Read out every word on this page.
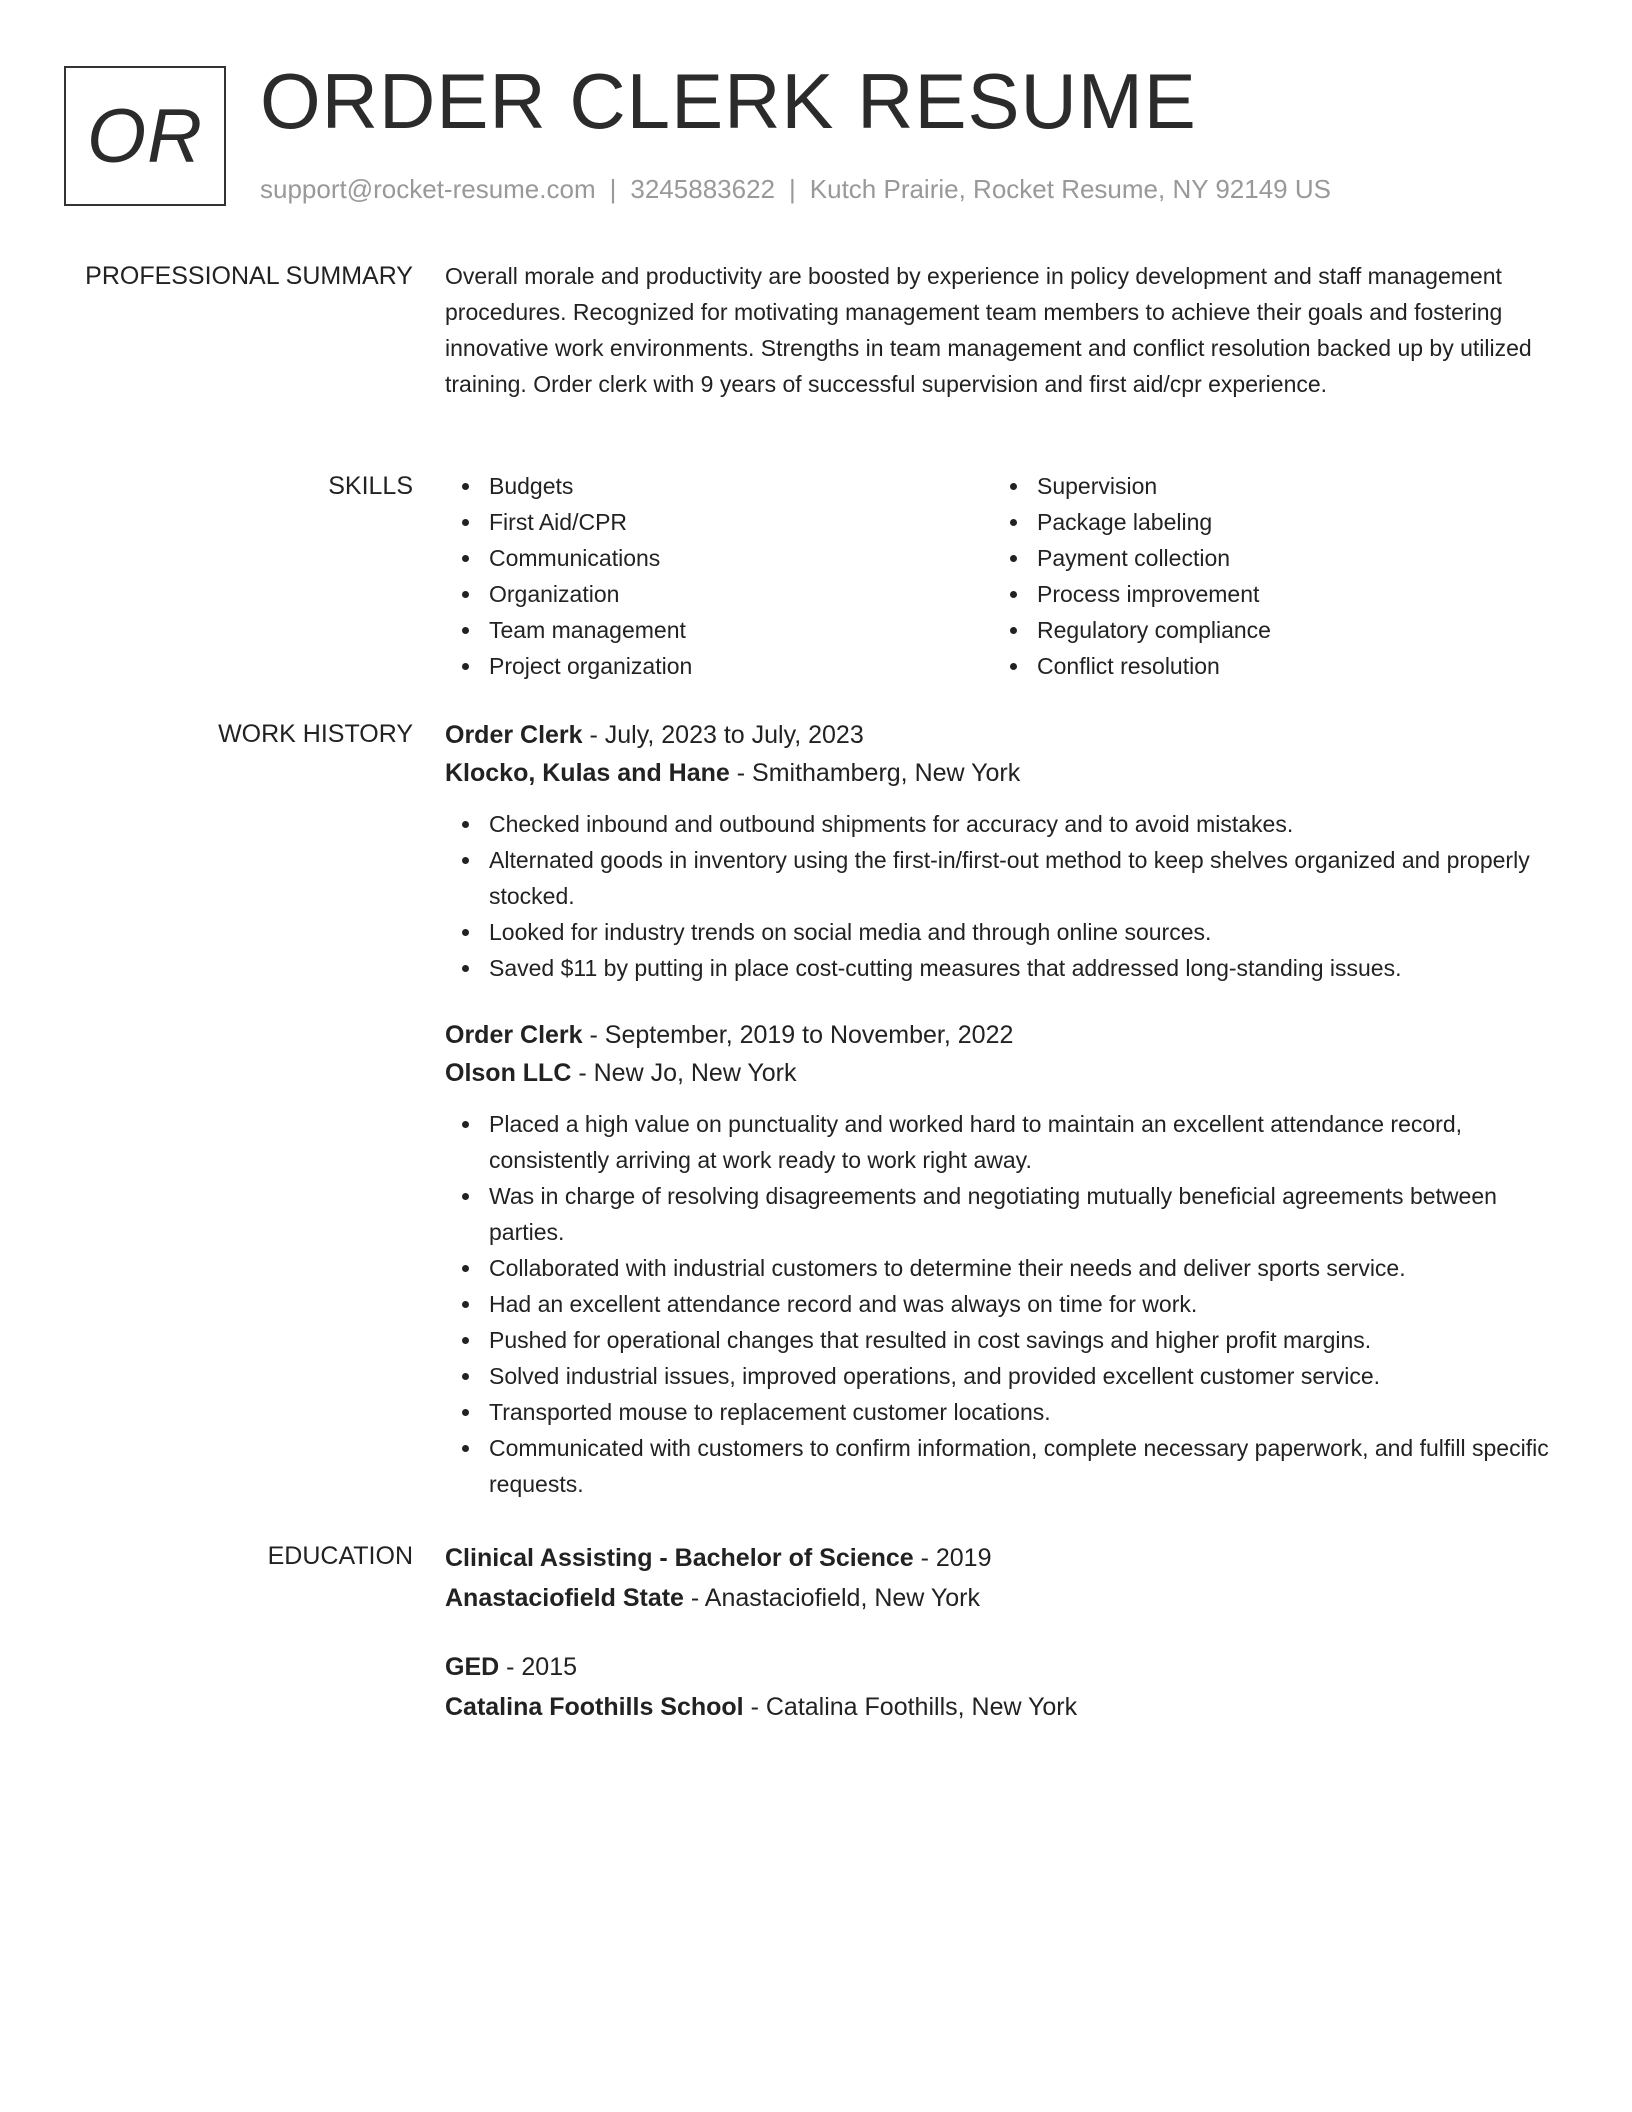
OR ORDER CLERK RESUME
support@rocket-resume.com | 3245883622 | Kutch Prairie, Rocket Resume, NY 92149 US
PROFESSIONAL SUMMARY Overall morale and productivity are boosted by experience in policy development and staff management procedures. Recognized for motivating management team members to achieve their goals and fostering innovative work environments. Strengths in team management and conflict resolution backed up by utilized training. Order clerk with 9 years of successful supervision and first aid/cpr experience.

SKILLS	Budgets
First Aid/CPR
Communications
Organization
Team management
Project organization
Supervision
Package labeling
Payment collection
Process improvement
Regulatory compliance
Conflict resolution
WORK HISTORY Order Clerk - July, 2023 to July, 2023
Klocko, Kulas and Hane - Smithamberg, New York
Checked inbound and outbound shipments for accuracy and to avoid mistakes.
Alternated goods in inventory using the first-in/first-out method to keep shelves organized and properly stocked.
Looked for industry trends on social media and through online sources.
Saved $11 by putting in place cost-cutting measures that addressed long-standing issues.
Order Clerk - September, 2019 to November, 2022
Olson LLC - New Jo, New York
Placed a high value on punctuality and worked hard to maintain an excellent attendance record, consistently arriving at work ready to work right away.
Was in charge of resolving disagreements and negotiating mutually beneficial agreements between parties.
Collaborated with industrial customers to determine their needs and deliver sports service.
Had an excellent attendance record and was always on time for work.
Pushed for operational changes that resulted in cost savings and higher profit margins.
Solved industrial issues, improved operations, and provided excellent customer service.
Transported mouse to replacement customer locations.
Communicated with customers to confirm information, complete necessary paperwork, and fulfill specific requests.
EDUCATION Clinical Assisting - Bachelor of Science - 2019
Anastaciofield State - Anastaciofield, New York
GED - 2015
Catalina Foothills School - Catalina Foothills, New York
